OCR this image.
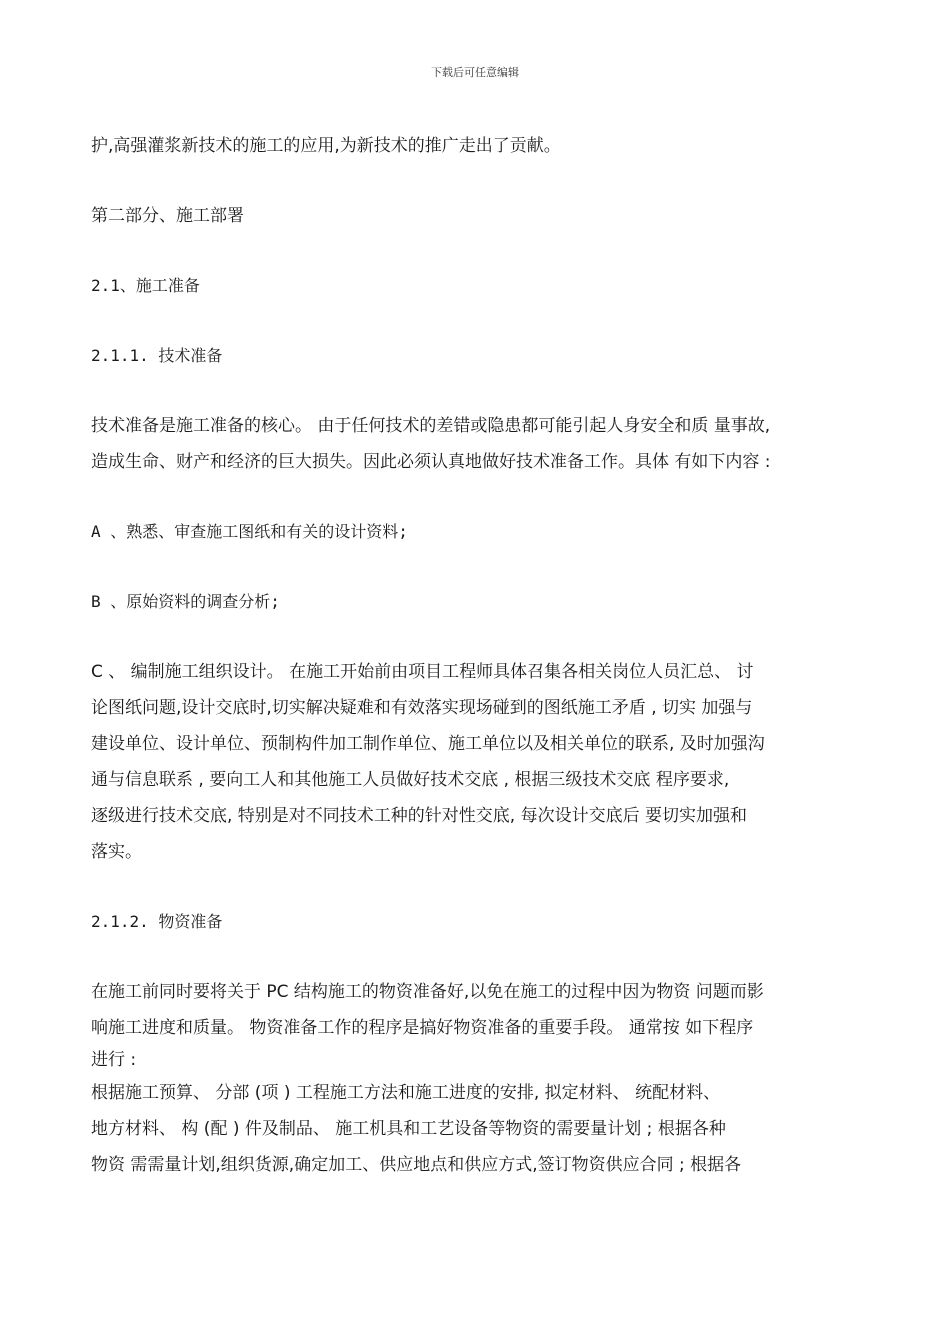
下载后可任意编辑
护,高强灌浆新技术的施工的应用,为新技术的推广走出了贡献。
第二部分、施工部署
2.1、施工准备
2.1.1. 技术准备
技术准备是施工准备的核心。 由于任何技术的差错或隐患都可能引起人身安全和质 量事故,
造成生命、财产和经济的巨大损失。因此必须认真地做好技术准备工作。具体 有如下内容 :
A 、熟悉、审查施工图纸和有关的设计资料;
B 、原始资料的调查分析;
C 、 编制施工组织设计。 在施工开始前由项目工程师具体召集各相关岗位人员汇总、 讨
论图纸问题,设计交底时,切实解决疑难和有效落实现场碰到的图纸施工矛盾 , 切实 加强与
建设单位、设计单位、预制构件加工制作单位、施工单位以及相关单位的联系, 及时加强沟
通与信息联系 , 要向工人和其他施工人员做好技术交底 , 根据三级技术交底 程序要求,
逐级进行技术交底, 特别是对不同技术工种的针对性交底, 每次设计交底后 要切实加强和
落实。
2.1.2. 物资准备
在施工前同时要将关于 PC 结构施工的物资准备好,以免在施工的过程中因为物资 问题而影
响施工进度和质量。 物资准备工作的程序是搞好物资准备的重要手段。 通常按 如下程序
进行 :
根据施工预算、 分部 (项 ) 工程施工方法和施工进度的安排, 拟定材料、 统配材料、
地方材料、 构 (配 ) 件及制品、 施工机具和工艺设备等物资的需要量计划 ; 根据各种
物资 需需量计划,组织货源,确定加工、供应地点和供应方式,签订物资供应合同 ; 根据各
